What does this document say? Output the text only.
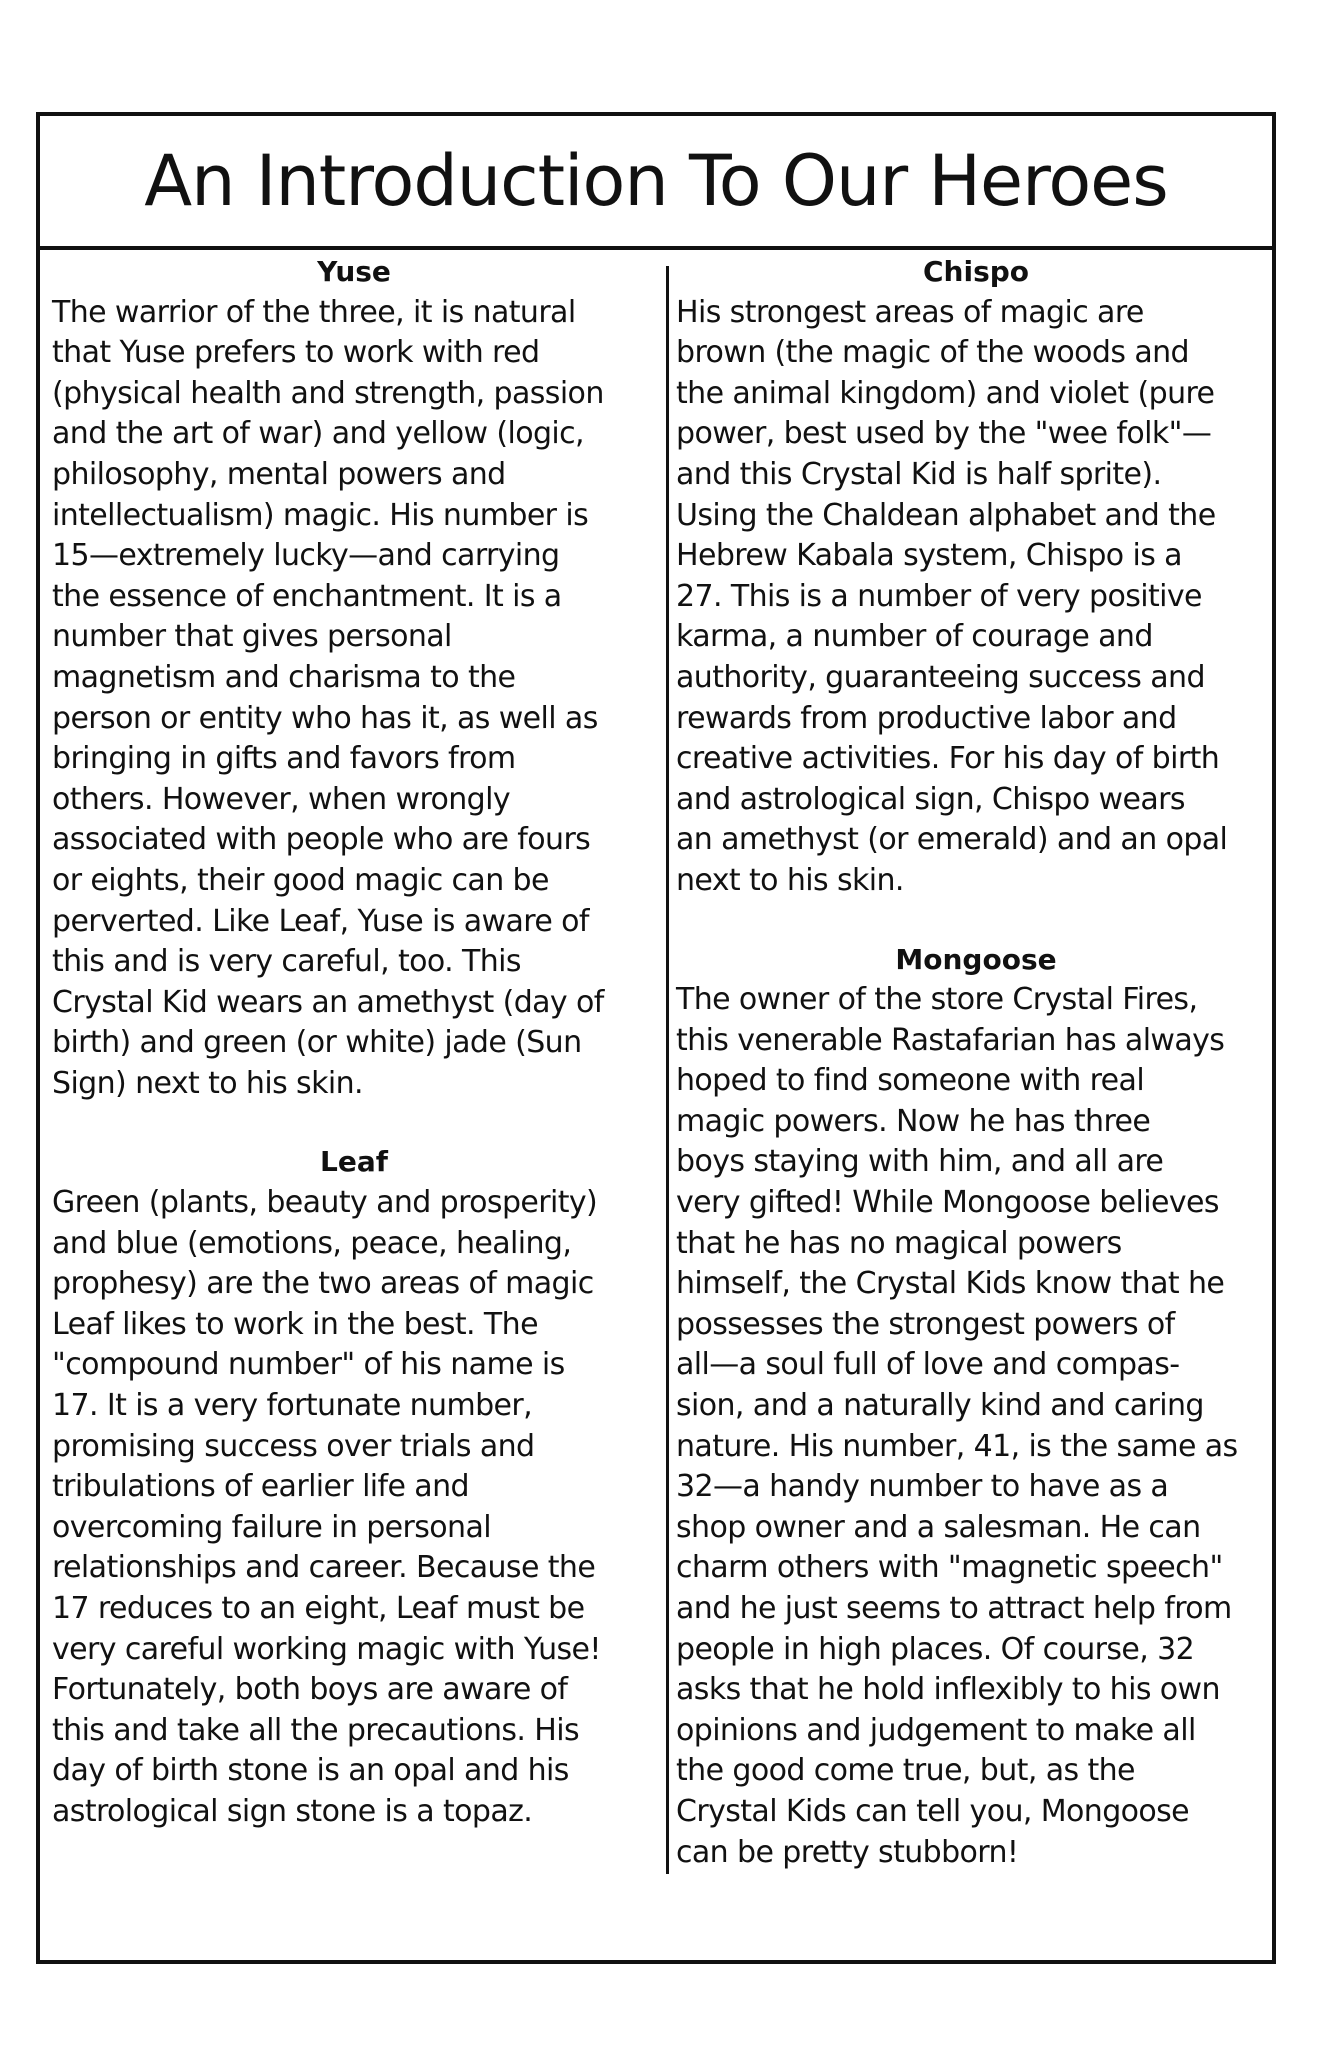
An Introduction To Our Heroes
Yuse
The warrior of the three, it is natural
that Yuse prefers to work with red
(physical health and strength, passion
and the art of war) and yellow (logic,
philosophy, mental powers and
intellectualism) magic. His number is
15—extremely lucky—and carrying
the essence of enchantment. It is a
number that gives personal
magnetism and charisma to the
person or entity who has it, as well as
bringing in gifts and favors from
others. However, when wrongly
associated with people who are fours
or eights, their good magic can be
perverted. Like Leaf, Yuse is aware of
this and is very careful, too. This
Crystal Kid wears an amethyst (day of
birth) and green (or white) jade (Sun
Sign) next to his skin.
Leaf
Green (plants, beauty and prosperity)
and blue (emotions, peace, healing,
prophesy) are the two areas of magic
Leaf likes to work in the best. The
"compound number" of his name is
17. It is a very fortunate number,
promising success over trials and
tribulations of earlier life and
overcoming failure in personal
relationships and career. Because the
17 reduces to an eight, Leaf must be
very careful working magic with Yuse!
Fortunately, both boys are aware of
this and take all the precautions. His
day of birth stone is an opal and his
astrological sign stone is a topaz.
Chispo
His strongest areas of magic are
brown (the magic of the woods and
the animal kingdom) and violet (pure
power, best used by the "wee folk"—
and this Crystal Kid is half sprite).
Using the Chaldean alphabet and the
Hebrew Kabala system, Chispo is a
27. This is a number of very positive
karma, a number of courage and
authority, guaranteeing success and
rewards from productive labor and
creative activities. For his day of birth
and astrological sign, Chispo wears
an amethyst (or emerald) and an opal
next to his skin.
Mongoose
The owner of the store Crystal Fires,
this venerable Rastafarian has always
hoped to find someone with real
magic powers. Now he has three
boys staying with him, and all are
very gifted! While Mongoose believes
that he has no magical powers
himself, the Crystal Kids know that he
possesses the strongest powers of
all—a soul full of love and compas-
sion, and a naturally kind and caring
nature. His number, 41, is the same as
32—a handy number to have as a
shop owner and a salesman. He can
charm others with "magnetic speech"
and he just seems to attract help from
people in high places. Of course, 32
asks that he hold inflexibly to his own
opinions and judgement to make all
the good come true, but, as the
Crystal Kids can tell you, Mongoose
can be pretty stubborn!
